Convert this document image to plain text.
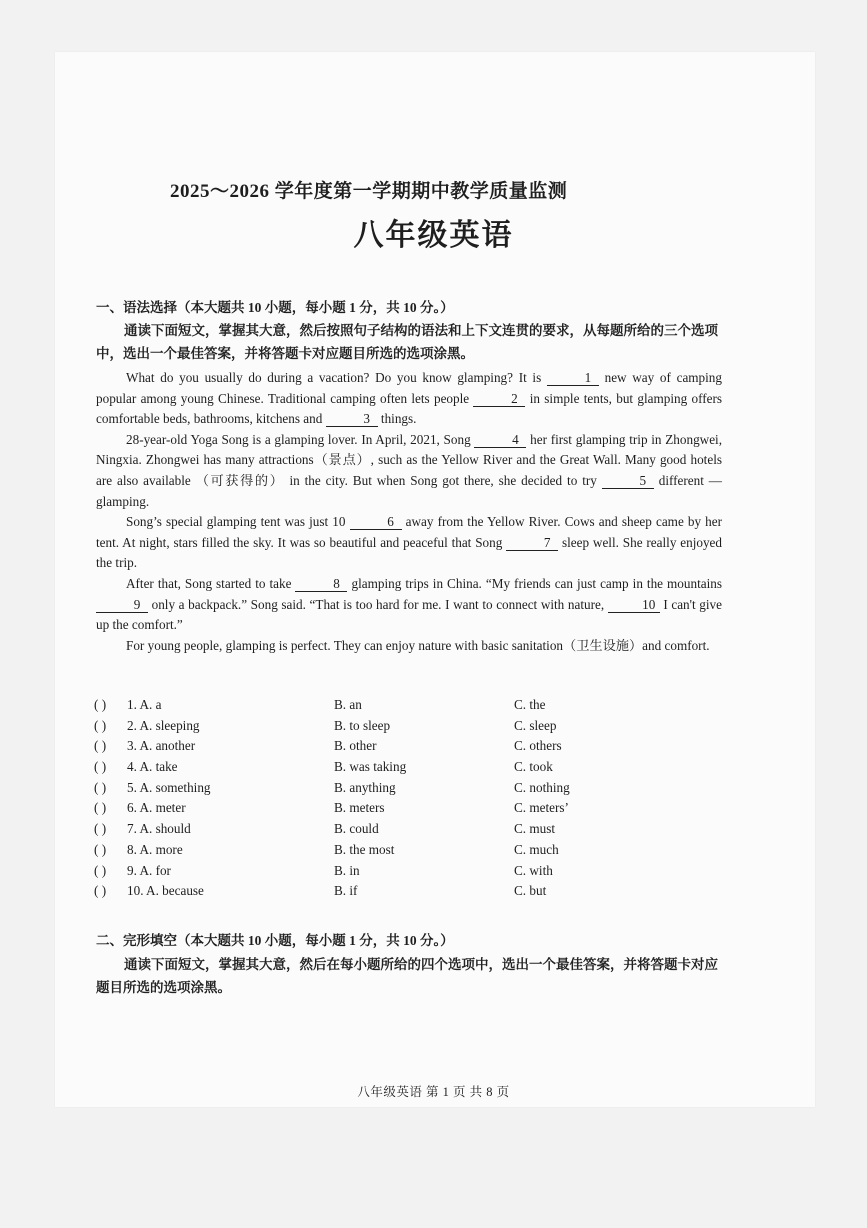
2025～2026 学年度第一学期期中教学质量监测
八年级英语
一、语法选择（本大题共 10 小题，每小题 1 分，共 10 分。）
通读下面短文，掌握其大意，然后按照句子结构的语法和上下文连贯的要求，从每题所给的三个选项中，选出一个最佳答案，并将答题卡对应题目所选的选项涂黑。

What do you usually do during a vacation? Do you know glamping? It is	1 new way of camping popular among young Chinese. Traditional camping often lets people	2 in simple tents, but glamping offers comfortable beds, bathrooms, kitchens and	3 things.

28-year-old Yoga Song is a glamping lover. In April, 2021, Song	4 her first glamping trip in Zhongwei, Ningxia. Zhongwei has many attractions（景点）, such as the Yellow River and the Great Wall. Many good hotels are also available （可获得的） in the city. But when Song got there, she decided to try	5 different — glamping.

Song’s special glamping tent was just 10	6 away from the Yellow River. Cows and sheep came by her tent. At night, stars filled the sky. It was so beautiful and peaceful that Song	7 sleep well. She really enjoyed the trip.

After that, Song started to take	8 glamping trips in China. “My friends can just camp in the mountains 9 only a backpack.” Song said. “That is too hard for me. I want to connect with nature,	10 I can't give up the comfort.”

For young people, glamping is perfect. They can enjoy nature with basic sanitation（卫生设施）and comfort.

( ) 1. A. a	B. an	C. the
( ) 2. A. sleeping	B. to sleep	C. sleep
( ) 3. A. another	B. other	C. others
( ) 4. A. take	B. was taking	C. took
( ) 5. A. something	B. anything	C. nothing
( ) 6. A. meter	B. meters	C. meters’
( ) 7. A. should	B. could	C. must
( ) 8. A. more	B. the most	C. much
( ) 9. A. for	B. in	C. with
( ) 10. A. because	B. if	C. but
二、完形填空（本大题共 10 小题，每小题 1 分，共 10 分。）
通读下面短文，掌握其大意，然后在每小题所给的四个选项中，选出一个最佳答案，并将答题卡对应题目所选的选项涂黑。
八年级英语 第 1 页 共 8 页
